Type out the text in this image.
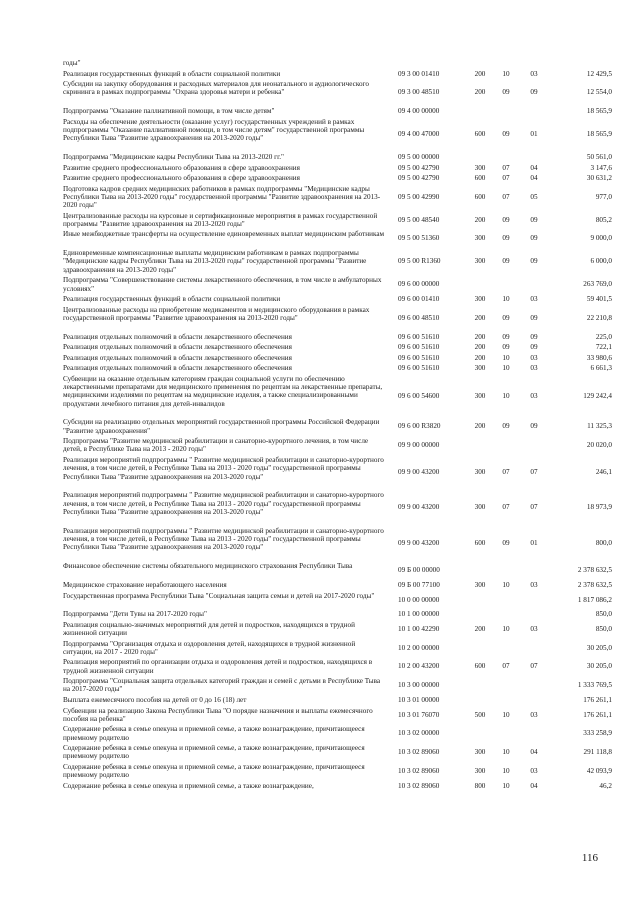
годы"
Реализация государственных функций в области социальной политики	09 3 00 01410	200	10	03	12 429,5
Субсидии на закупку оборудования и расходных материалов для неонатального и аудиологического скрининга в рамках подпрограммы "Охрана здоровья матери и ребенка"	09 3 00 48510	200	09	09	12 554,0
Подпрограмма "Оказание паллиативной помощи, в том числе детям"	09 4 00 00000	18 565,9
Расходы на обеспечение деятельности (оказание услуг) государственных учреждений в рамках подпрограммы "Оказание паллиативной помощи, в том числе детям" государственной программы Республики Тыва "Развитие здравоохранения на 2013-2020 годы"
09 4 00 47000	600	09	01	18 565,9
Подпрограмма "Медицинские кадры Республики Тыва на 2013-2020 гг."	09 5 00 00000	50 561,0
Развитие среднего профессионального образования в сфере здравоохранения	09 5 00 42790	300	07	04	3 147,6
Развитие среднего профессионального образования в сфере здравоохранения	09 5 00 42790	600	07	04	30 631,2
Подготовка кадров средних медицинских работников в рамках подпрограммы "Медицинские кадры Республики Тыва на 2013-2020 годы" государственной программы "Развитие здравоохранения на 2013-2020 годы"
09 5 00 42990	600	07	05	977,0
Централизованные расходы на курсовые и сертификационные мероприятия в рамках государственной программы "Развитие здравоохранения на 2013-2020 годы"
09 5 00 48540	200	09	09	805,2
Иные межбюджетные трансферты на осуществление единовременных выплат медицинским работникам 09 5 00 51360	300	09	09	9 000,0
Единовременные компенсационные выплаты медицинским работникам в рамках подпрограммы "Медицинские кадры Республики Тыва на 2013-2020 годы" государственной программы "Развитие здравоохранения на 2013-2020 годы"
09 5 00 R1360	300	09	09	6 000,0
Подпрограмма "Совершенствование системы лекарственного обеспечения, в том числе в амбулаторных условиях"
09 6 00 00000	263 769,0
Реализация государственных функций в области социальной политики	09 6 00 01410	300	10	03	59 401,5
Централизованные расходы на приобретение медикаментов и медицинского оборудования в рамках государственной программы "Развитие здравоохранения на 2013-2020 годы"	09 6 00 48510	200	09	09	22 210,8
Реализация отдельных полномочий в области лекарственного обеспечения	09 6 00 51610	200	09	09	225,0
Реализация отдельных полномочий в области лекарственного обеспечения	09 6 00 51610	200	09	09	722,1
Реализация отдельных полномочий в области лекарственного обеспечения	09 6 00 51610	200	10	03	33 980,6
Реализация отдельных полномочий в области лекарственного обеспечения	09 6 00 51610	300	10	03	6 661,3
Субвенции на оказание отдельным категориям граждан социальной услуги по обеспечению лекарственными препаратами для медицинского применения по рецептам на лекарственные препараты, медицинскими изделиями по рецептам на медицинские изделия, а также специализированными продуктами лечебного питания для детей-инвалидов
09 6 00 54600	300	10	03	129 242,4
Субсидии на реализацию отдельных мероприятий государственной программы Российской Федерации "Развитие здравоохранения"
09 6 00 R3820	200	09	09	11 325,3
Подпрограмма "Развитие медицинской реабилитации и санаторно-курортного лечения, в том числе детей, в Республике Тыва на 2013 - 2020 годы"
09 9 00 00000	20 020,0
Реализация мероприятий подпрограммы " Развитие медицинской реабилитации и санаторно-курортного лечения, в том числе детей, в Республике Тыва на 2013 - 2020 годы" государственной программы Республики Тыва "Развитие здравоохранения на 2013-2020 годы"
09 9 00 43200	300	07	07	246,1
Реализация мероприятий подпрограммы " Развитие медицинской реабилитации и санаторно-курортного лечения, в том числе детей, в Республике Тыва на 2013 - 2020 годы" государственной программы Республики Тыва "Развитие здравоохранения на 2013-2020 годы"
09 9 00 43200	300	07	07	18 973,9
Реализация мероприятий подпрограммы " Развитие медицинской реабилитации и санаторно-курортного лечения, в том числе детей, в Республике Тыва на 2013 - 2020 годы" государственной программы Республики Тыва "Развитие здравоохранения на 2013-2020 годы"
09 9 00 43200	600	09	01	800,0
Финансовое обеспечение системы обязательного медицинского страхования Республики Тыва	09 Б 00 00000	2 378 632,5
Медицинское страхование неработающего населения	09 Б 00 77100	300	10	03	2 378 632,5
Государственная программа Республики Тыва "Социальная защита семьи и детей на 2017-2020 годы"	10 0 00 00000	1 817 086,2
Подпрограмма "Дети Тувы на 2017-2020 годы"	10 1 00 00000	850,0
Реализация социально-значимых мероприятий для детей и подростков, находящихся в трудной жизненной ситуации
10 1 00 42290	200	10	03	850,0
Подпрограмма "Организация отдыха и оздоровления детей, находящихся в трудной жизненной ситуации, на 2017 - 2020 годы"
10 2 00 00000	30 205,0
Реализация мероприятий по организации отдыха и оздоровления детей и подростков, находящихся в трудной жизненной ситуации
10 2 00 43200	600	07	07	30 205,0
Подпрограмма "Социальная защита отдельных категорий граждан и семей с детьми в Республике Тыва на 2017-2020 годы"
10 3 00 00000	1 333 769,5
Выплата ежемесячного пособия на детей от 0 до 16 (18) лет	10 3 01 00000	176 261,1
Субвенции на реализацию Закона Республики Тыва "О порядке назначения и выплаты ежемесячного пособия на ребенка"
10 3 01 76070	500	10	03	176 261,1
Содержание ребенка в семье опекуна и приемной семье, а также вознаграждение, причитающееся приемному родителю
10 3 02 00000	333 258,9
Содержание ребенка в семье опекуна и приемной семье, а также вознаграждение, причитающееся приемному родителю
10 3 02 89060	300	10	04	291 118,8
Содержание ребенка в семье опекуна и приемной семье, а также вознаграждение, причитающееся приемному родителю
10 3 02 89060	300	10	03	42 093,9
Содержание ребенка в семье опекуна и приемной семье, а также вознаграждение,	10 3 02 89060	800	10	04	46,2
116
